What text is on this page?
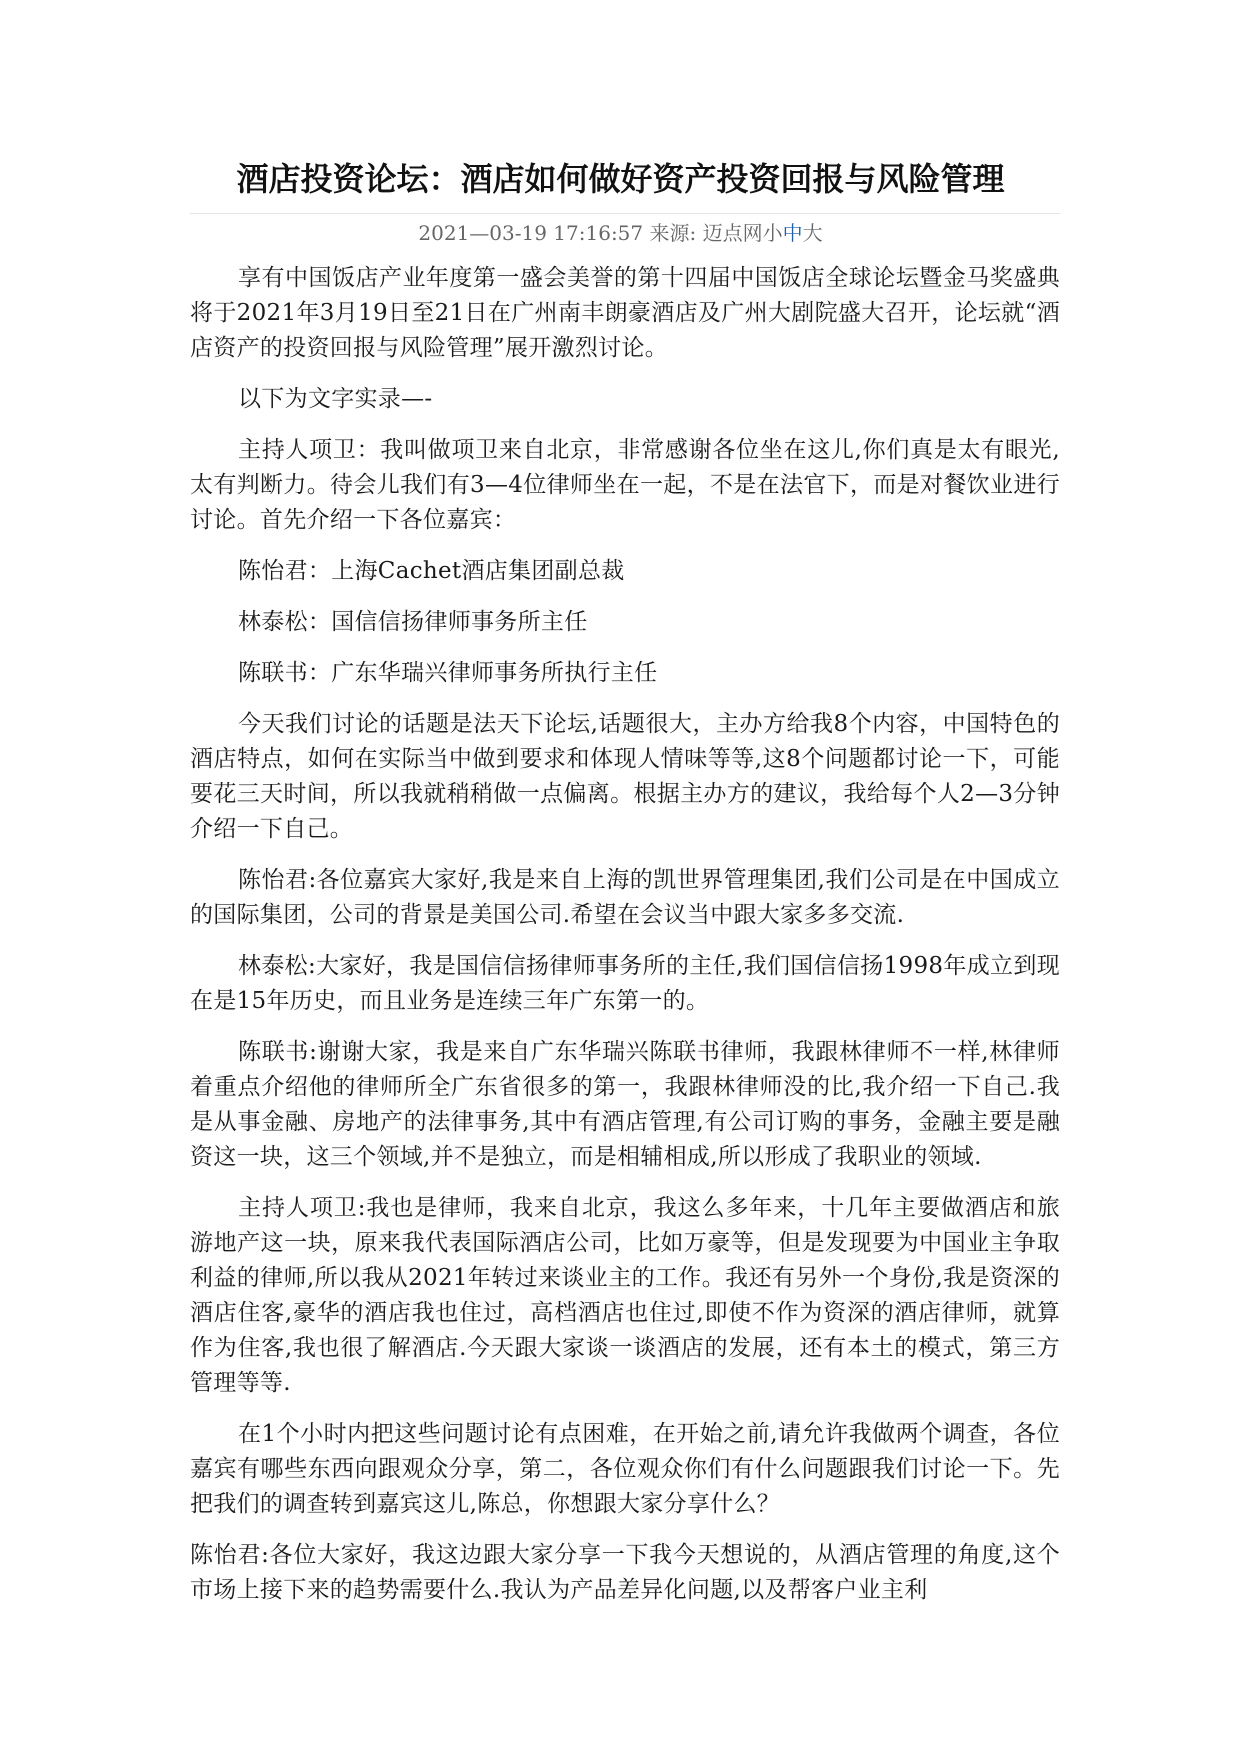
酒店投资论坛：酒店如何做好资产投资回报与风险管理
2021—03-19 17:16:57 来源: 迈点网小中大

享有中国饭店产业年度第一盛会美誉的第十四届中国饭店全球论坛暨金马奖盛典将于2021年3月19日至21日在广州南丰朗豪酒店及广州大剧院盛大召开，论坛就“酒店资产的投资回报与风险管理”展开激烈讨论。

以下为文字实录—-

主持人项卫：我叫做项卫来自北京，非常感谢各位坐在这儿,你们真是太有眼光,太有判断力。待会儿我们有3—4位律师坐在一起，不是在法官下，而是对餐饮业进行讨论。首先介绍一下各位嘉宾：

陈怡君：上海Cachet酒店集团副总裁

林泰松：国信信扬律师事务所主任

陈联书：广东华瑞兴律师事务所执行主任

今天我们讨论的话题是法天下论坛,话题很大，主办方给我8个内容，中国特色的酒店特点，如何在实际当中做到要求和体现人情味等等,这8个问题都讨论一下，可能要花三天时间，所以我就稍稍做一点偏离。根据主办方的建议，我给每个人2—3分钟介绍一下自己。

陈怡君:各位嘉宾大家好,我是来自上海的凯世界管理集团,我们公司是在中国成立的国际集团，公司的背景是美国公司.希望在会议当中跟大家多多交流.

林泰松:大家好，我是国信信扬律师事务所的主任,我们国信信扬1998年成立到现在是15年历史，而且业务是连续三年广东第一的。

陈联书:谢谢大家，我是来自广东华瑞兴陈联书律师，我跟林律师不一样,林律师着重点介绍他的律师所全广东省很多的第一，我跟林律师没的比,我介绍一下自己.我是从事金融、房地产的法律事务,其中有酒店管理,有公司订购的事务，金融主要是融资这一块，这三个领域,并不是独立，而是相辅相成,所以形成了我职业的领域.

主持人项卫:我也是律师，我来自北京，我这么多年来，十几年主要做酒店和旅游地产这一块，原来我代表国际酒店公司，比如万豪等，但是发现要为中国业主争取利益的律师,所以我从2021年转过来谈业主的工作。我还有另外一个身份,我是资深的酒店住客,豪华的酒店我也住过，高档酒店也住过,即使不作为资深的酒店律师，就算作为住客,我也很了解酒店.今天跟大家谈一谈酒店的发展，还有本土的模式，第三方管理等等.

在1个小时内把这些问题讨论有点困难，在开始之前,请允许我做两个调查，各位嘉宾有哪些东西向跟观众分享，第二，各位观众你们有什么问题跟我们讨论一下。先把我们的调查转到嘉宾这儿,陈总，你想跟大家分享什么？

陈怡君:各位大家好，我这边跟大家分享一下我今天想说的，从酒店管理的角度,这个市场上接下来的趋势需要什么.我认为产品差异化问题,以及帮客户业主利
